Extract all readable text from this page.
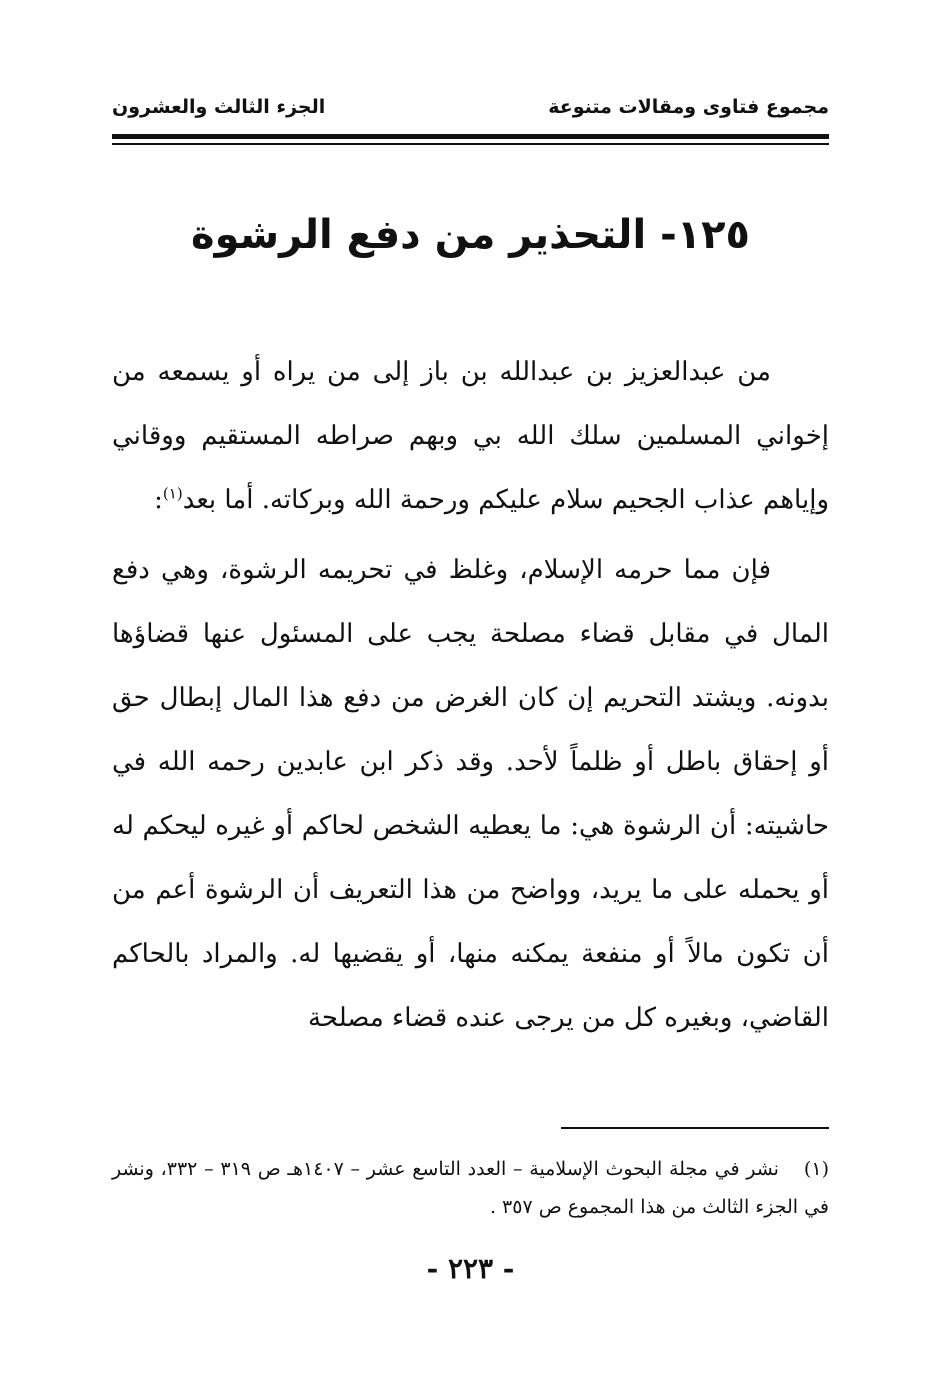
مجموع فتاوى ومقالات متنوعة
الجزء الثالث والعشرون
١٢٥- التحذير من دفع الرشوة

من عبدالعزيز بن عبدالله بن باز إلى من يراه أو يسمعه من إخواني المسلمين سلك الله بي وبهم صراطه المستقيم ووقاني وإياهم عذاب الجحيم سلام عليكم ورحمة الله وبركاته. أما بعد$^{(١)}$:

فإن مما حرمه الإسلام، وغلظ في تحريمه الرشوة، وهي دفع المال في مقابل قضاء مصلحة يجب على المسئول عنها قضاؤها بدونه. ويشتد التحريم إن كان الغرض من دفع هذا المال إبطال حق أو إحقاق باطل أو ظلماً لأحد. وقد ذكر ابن عابدين رحمه الله في حاشيته: أن الرشوة هي: ما يعطيه الشخص لحاكم أو غيره ليحكم له أو يحمله على ما يريد، وواضح من هذا التعريف أن الرشوة أعم من أن تكون مالاً أو منفعة يمكنه منها، أو يقضيها له. والمراد بالحاكم القاضي، وبغيره كل من يرجى عنده قضاء مصلحة

(١)نشر في مجلة البحوث الإسلامية – العدد التاسع عشر – ١٤٠٧هـ ص ٣١٩ – ٣٣٢، ونشر في الجزء الثالث من هذا المجموع ص ٣٥٧ .
- ٢٢٣ -
